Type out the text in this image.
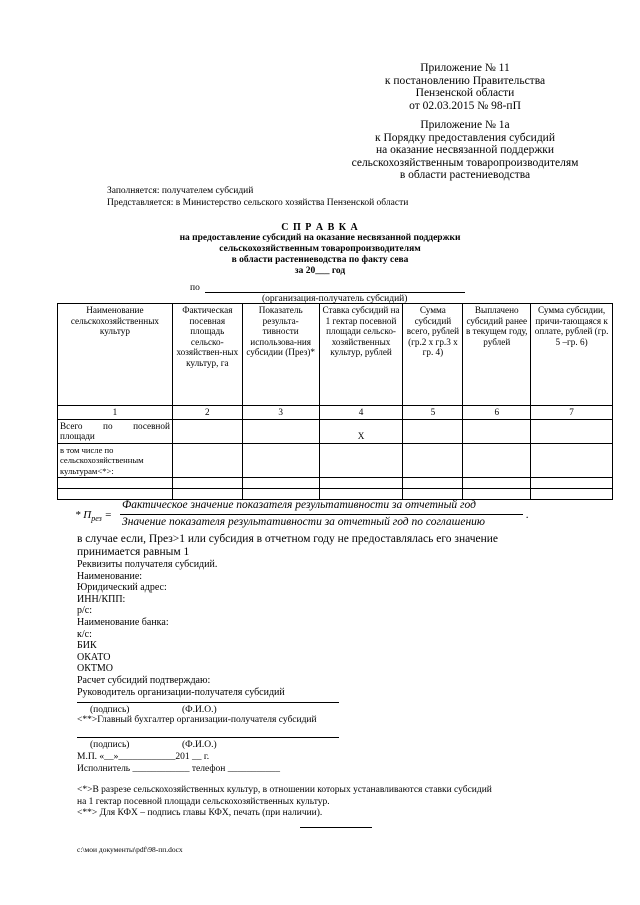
Приложение № 11
к постановлению Правительства
Пензенской области
от 02.03.2015 № 98-пП
Приложение № 1а
к Порядку предоставления субсидий
на оказание несвязанной поддержки
сельскохозяйственным товаропроизводителям
в области растениеводства
Заполняется: получателем субсидий
Представляется: в Министерство сельского хозяйства Пензенской области
С П Р А В К А
на предоставление субсидий на оказание несвязанной поддержки
сельскохозяйственным товаропроизводителям
в области растениеводства по факту сева
за 20___ год
по
(организация-получатель субсидий)
Наименование сельскохозяйственных культур	Фактическая посевная площадь сельско-хозяйствен-ных культур, га	Показатель результа-тивности использова-ния субсидии (През)*	Ставка субсидий на 1 гектар посевной площади сельско-хозяйственных культур, рублей	Сумма субсидий всего, рублей (гр.2 х гр.3 х гр. 4)	Выплачено субсидий ранее в текущем году, рублей	Сумма субсидии, причи-тающаяся к оплате, рублей (гр. 5 –гр. 6)
1	2	3	4	5	6	7
Всего по посевной площади			Х			
в том числе по сельскохозяйственным культурам<*>:						

* $П_{рез}$ =
Фактическое значение показателя результативности за отчетный год
Значение показателя результативности за отчетный год по соглашению
.
в случае если, През>1 или субсидия в отчетном году не предоставлялась его значение
принимается равным 1
Реквизиты получателя субсидий.
Наименование:
Юридический адрес:
ИНН/КПП:
р/с:
Наименование банка:
к/с:
БИК
ОКАТО
ОКТМО
Расчет субсидий подтверждаю:
Руководитель организации-получателя субсидий
(подпись)	(Ф.И.О.)
<**>Главный бухгалтер организации-получателя субсидий
(подпись)	(Ф.И.О.)
М.П. «__»____________201 __ г.
Исполнитель ____________ телефон ___________
<*>В разрезе сельскохозяйственных культур, в отношении которых устанавливаются ставки субсидий
на 1 гектар посевной площади сельскохозяйственных культур.
<**> Для КФХ – подпись главы КФХ, печать (при наличии).
c:\мои документы\pdf\98-пп.docx
